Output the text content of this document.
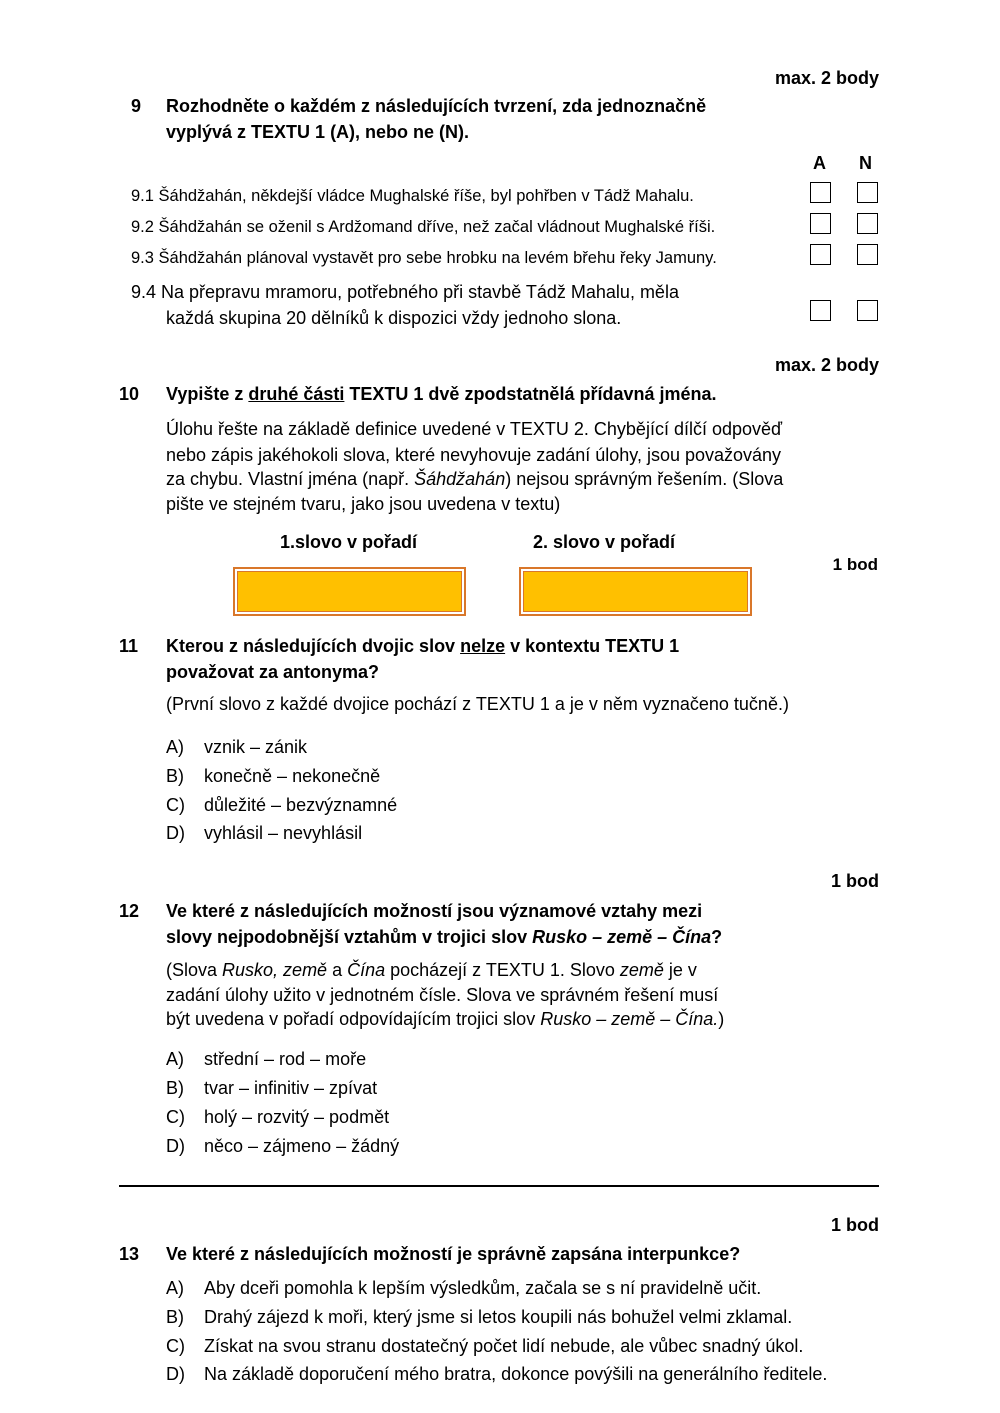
max. 2 body
9 Rozhodněte o každém z následujících tvrzení, zda jednoznačně
vyplývá z TEXTU 1 (A), nebo ne (N).
A N
9.1 Šáhdžahán, někdejší vládce Mughalské říše, byl pohřben v Tádž Mahalu.
9.2 Šáhdžahán se oženil s Ardžomand dříve, než začal vládnout Mughalské říši.
9.3 Šáhdžahán plánoval vystavět pro sebe hrobku na levém břehu řeky Jamuny.
9.4 Na přepravu mramoru, potřebného při stavbě Tádž Mahalu, měla
každá skupina 20 dělníků k dispozici vždy jednoho slona.
max. 2 body
10 Vypište z druhé části TEXTU 1 dvě zpodstatnělá přídavná jména.
Úlohu řešte na základě definice uvedené v TEXTU 2. Chybějící dílčí odpověď
nebo zápis jakéhokoli slova, které nevyhovuje zadání úlohy, jsou považovány
za chybu. Vlastní jména (např. Šáhdžahán) nejsou správným řešením. (Slova
pište ve stejném tvaru, jako jsou uvedena v textu)
1.slovo v pořadí	2. slovo v pořadí
1 bod
11 Kterou z následujících dvojic slov nelze v kontextu TEXTU 1
považovat za antonyma?
(První slovo z každé dvojice pochází z TEXTU 1 a je v něm vyznačeno tučně.)
A) vznik – zánik
B) konečně – nekonečně
C) důležité – bezvýznamné
D) vyhlásil – nevyhlásil
1 bod
12 Ve které z následujících možností jsou významové vztahy mezi
slovy nejpodobnější vztahům v trojici slov Rusko – země – Čína?
(Slova Rusko, země a Čína pocházejí z TEXTU 1. Slovo země je v
zadání úlohy užito v jednotném čísle. Slova ve správném řešení musí
být uvedena v pořadí odpovídajícím trojici slov Rusko – země – Čína.)
A) střední – rod – moře
B) tvar – infinitiv – zpívat
C) holý – rozvitý – podmět
D) něco – zájmeno – žádný
1 bod
13 Ve které z následujících možností je správně zapsána interpunkce?
A) Aby dceři pomohla k lepším výsledkům, začala se s ní pravidelně učit.
B) Drahý zájezd k moři, který jsme si letos koupili nás bohužel velmi zklamal.
C) Získat na svou stranu dostatečný počet lidí nebude, ale vůbec snadný úkol.
D) Na základě doporučení mého bratra, dokonce povýšili na generálního ředitele.
